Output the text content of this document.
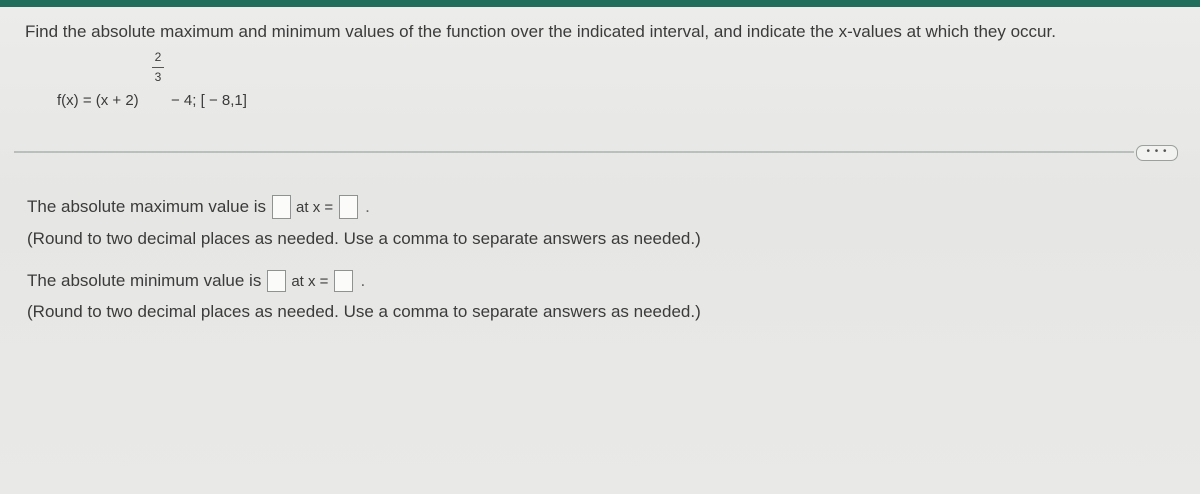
Find the absolute maximum and minimum values of the function over the indicated interval, and indicate the x-values at which they occur.
f(x) = (x + 2)
2
3
− 4; [ − 8,1]
• • •
The absolute maximum value is at x = .
(Round to two decimal places as needed. Use a comma to separate answers as needed.)
The absolute minimum value is at x = .
(Round to two decimal places as needed. Use a comma to separate answers as needed.)
